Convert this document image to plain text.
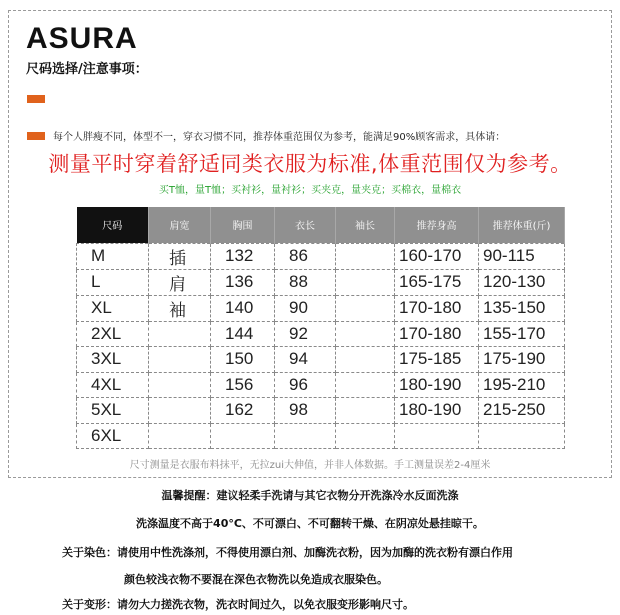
ASURA
尺码选择/注意事项：
每个人胖瘦不同，体型不一，穿衣习惯不同，推荐体重范围仅为参考，能满足90%顾客需求，具体请：
测量平时穿着舒适同类衣服为标准,体重范围仅为参考。
买T恤，量T恤；买衬衫，量衬衫；买夹克，量夹克；买棉衣，量棉衣
尺码	肩宽	胸围	衣长	袖长	推荐身高	推荐体重(斤)
M	插	132	86		160-170	90-115
L	肩	136	88		165-175	120-130
XL	袖	140	90		170-180	135-150
2XL		144	92		170-180	155-170
3XL		150	94		175-185	175-190
4XL		156	96		180-190	195-210
5XL		162	98		180-190	215-250
6XL						
尺寸测量是衣服布料抹平，无拉zui大伸值，并非人体数据。手工测量误差2-4厘米
温馨提醒：建议轻柔手洗请与其它衣物分开洗涤冷水反面洗涤
洗涤温度不高于40°C、不可漂白、不可翻转干燥、在阴凉处悬挂晾干。
关于染色：请使用中性洗涤剂，不得使用漂白剂、加酶洗衣粉，因为加酶的洗衣粉有漂白作用
颜色较浅衣物不要混在深色衣物洗以免造成衣服染色。
关于变形：请勿大力搓洗衣物，洗衣时间过久，以免衣服变形影响尺寸。
